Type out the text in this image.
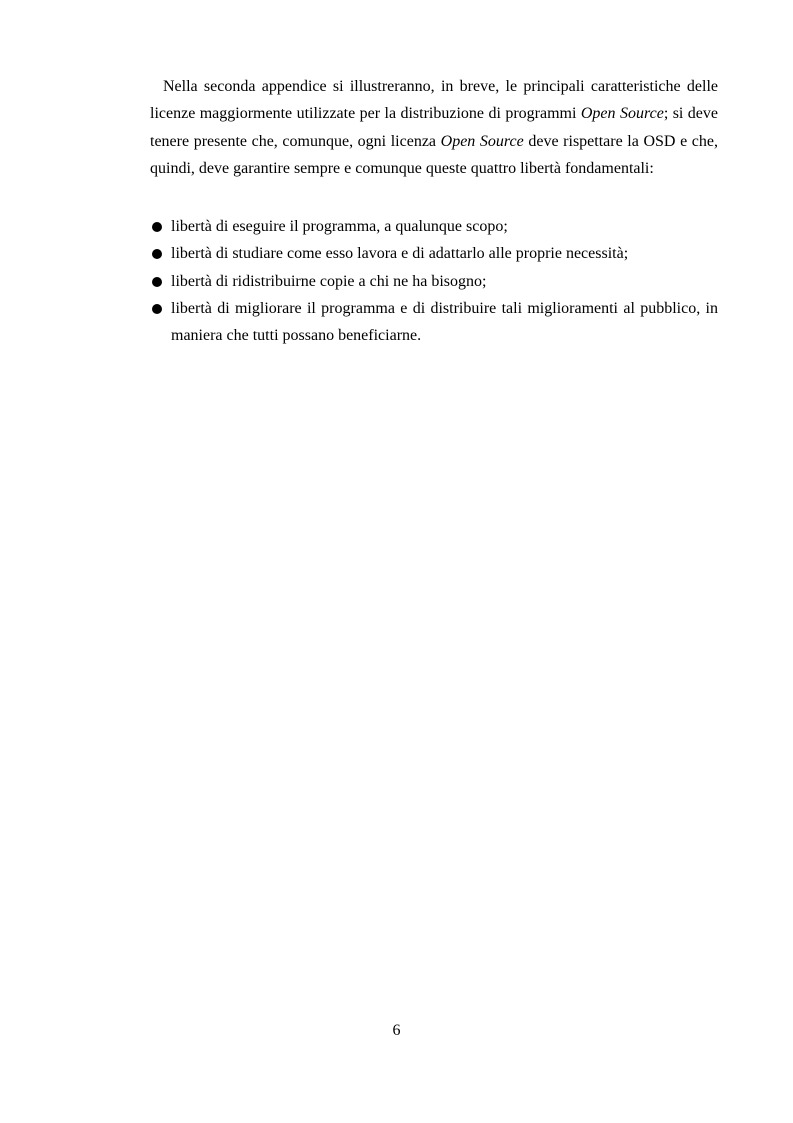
Nella seconda appendice si illustreranno, in breve, le principali caratteristiche delle licenze maggiormente utilizzate per la distribuzione di programmi Open Source; si deve tenere presente che, comunque, ogni licenza Open Source deve rispettare la OSD e che, quindi, deve garantire sempre e comunque queste quattro libertà fondamentali:

libertà di eseguire il programma, a qualunque scopo;
libertà di studiare come esso lavora e di adattarlo alle proprie necessità;
libertà di ridistribuirne copie a chi ne ha bisogno;
libertà di migliorare il programma e di distribuire tali miglioramenti al pubblico, in maniera che tutti possano beneficiarne.
6
